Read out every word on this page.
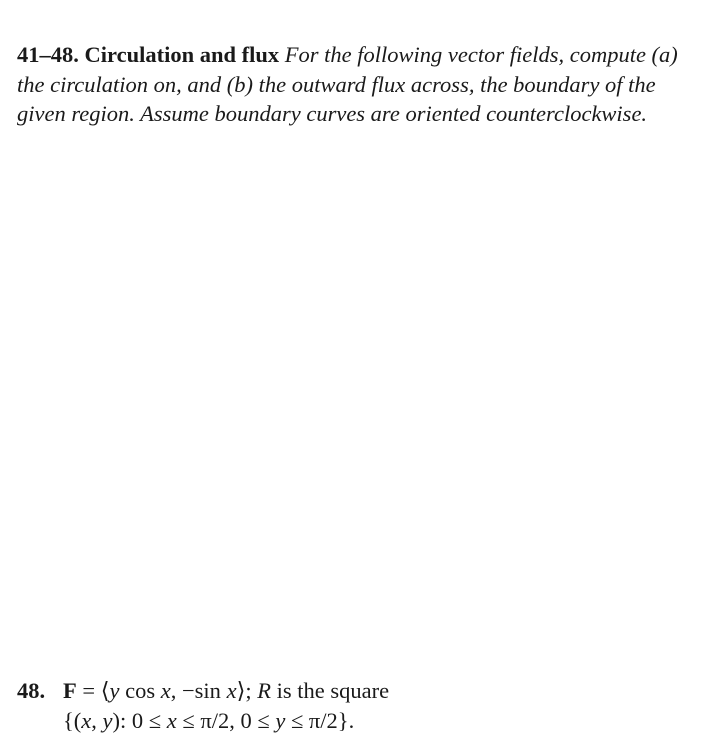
41–48. Circulation and flux For the following vector fields, compute (a) the circulation on, and (b) the outward flux across, the boundary of the given region. Assume boundary curves are oriented counterclockwise.
48. F = ⟨y cos x, −sin x⟩; R is the square
{(x, y): 0 ≤ x ≤ π/2, 0 ≤ y ≤ π/2}.
